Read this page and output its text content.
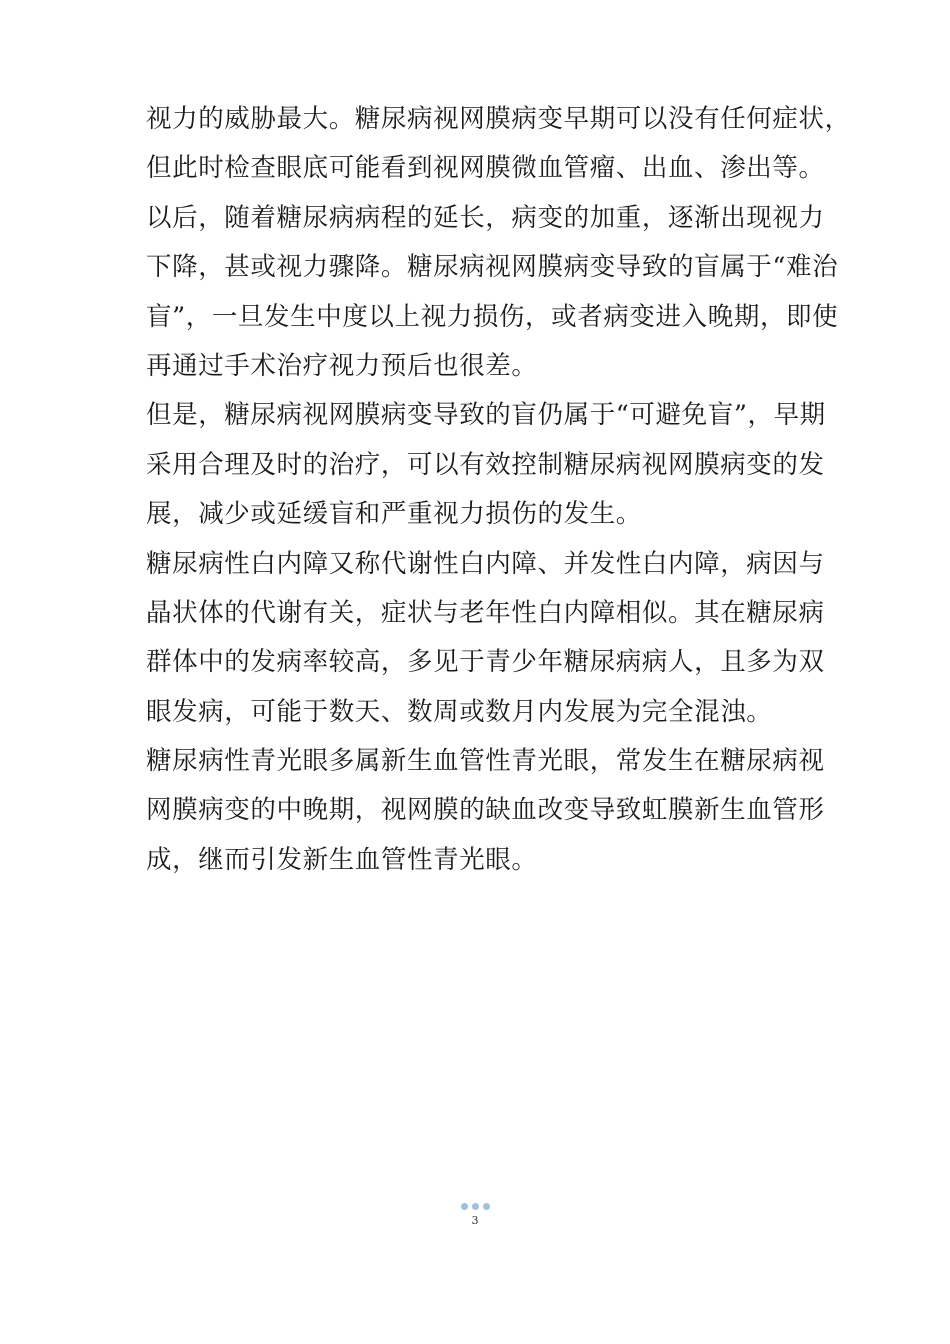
视力的威胁最大。糖尿病视网膜病变早期可以没有任何症状，
但此时检查眼底可能看到视网膜微血管瘤、出血、渗出等。
以后，随着糖尿病病程的延长，病变的加重，逐渐出现视力
下降，甚或视力骤降。糖尿病视网膜病变导致的盲属于“难治
盲”，一旦发生中度以上视力损伤，或者病变进入晚期，即使
再通过手术治疗视力预后也很差。
但是，糖尿病视网膜病变导致的盲仍属于“可避免盲”，早期
采用合理及时的治疗，可以有效控制糖尿病视网膜病变的发
展，减少或延缓盲和严重视力损伤的发生。
糖尿病性白内障又称代谢性白内障、并发性白内障，病因与
晶状体的代谢有关，症状与老年性白内障相似。其在糖尿病
群体中的发病率较高，多见于青少年糖尿病病人，且多为双
眼发病，可能于数天、数周或数月内发展为完全混浊。
糖尿病性青光眼多属新生血管性青光眼，常发生在糖尿病视
网膜病变的中晚期，视网膜的缺血改变导致虹膜新生血管形
成，继而引发新生血管性青光眼。
3
